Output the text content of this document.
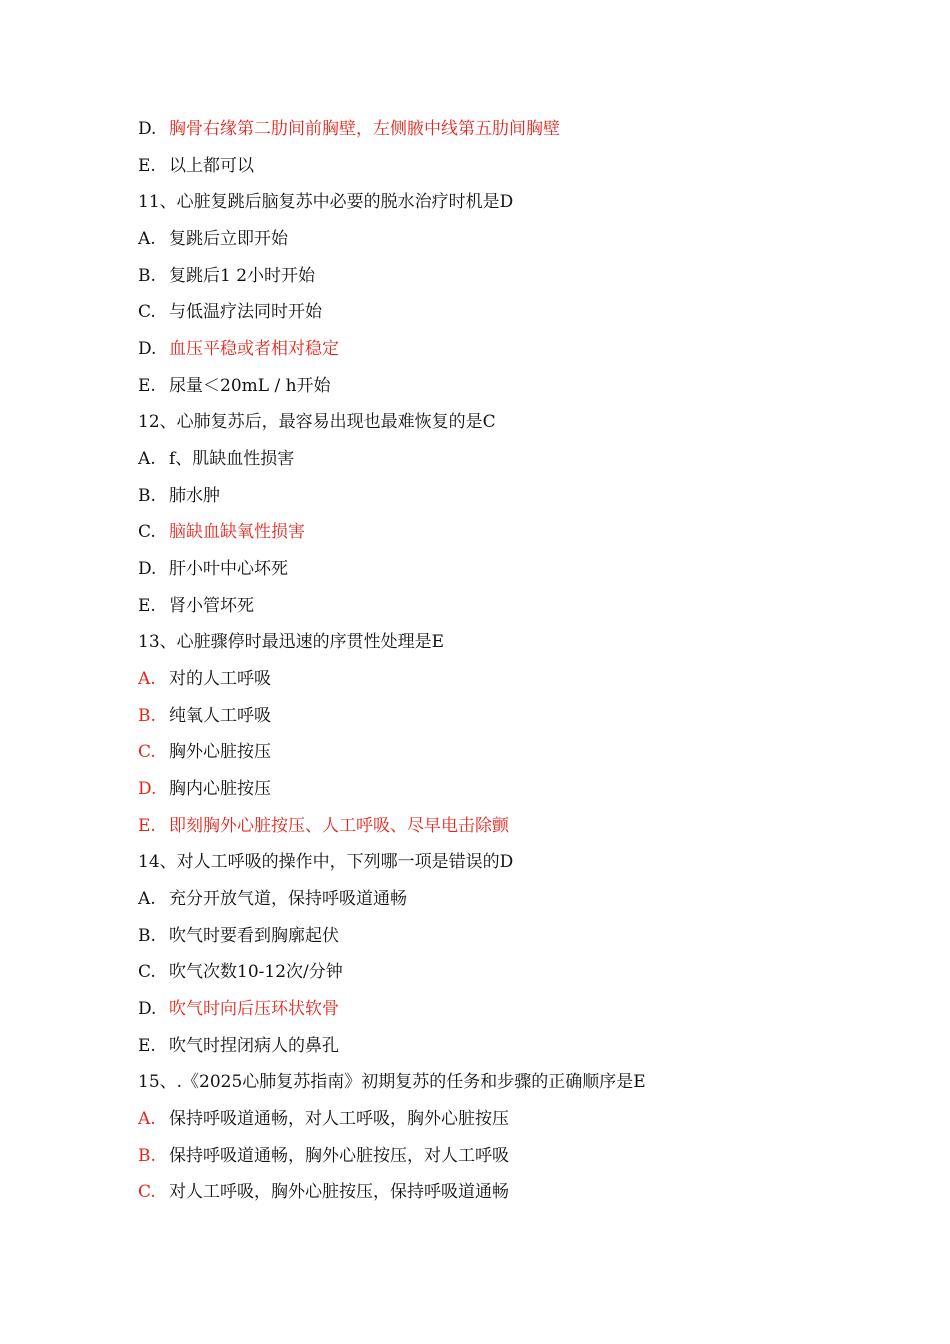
D. 胸骨右缘第二肋间前胸壁，左侧腋中线第五肋间胸壁
E. 以上都可以
11、心脏复跳后脑复苏中必要的脱水治疗时机是D
A. 复跳后立即开始
B. 复跳后1 2小时开始
C. 与低温疗法同时开始
D. 血压平稳或者相对稳定
E. 尿量＜20mL / h开始
12、心肺复苏后，最容易出现也最难恢复的是C
A. f、肌缺血性损害
B. 肺水肿
C. 脑缺血缺氧性损害
D. 肝小叶中心坏死
E. 肾小管坏死
13、心脏骤停时最迅速的序贯性处理是E
A. 对的人工呼吸
B. 纯氧人工呼吸
C. 胸外心脏按压
D. 胸内心脏按压
E. 即刻胸外心脏按压、人工呼吸、尽早电击除颤
14、对人工呼吸的操作中，下列哪一项是错误的D
A. 充分开放气道，保持呼吸道通畅
B. 吹气时要看到胸廓起伏
C. 吹气次数10-12次/分钟
D. 吹气时向后压环状软骨
E. 吹气时捏闭病人的鼻孔
15、.《2025心肺复苏指南》初期复苏的任务和步骤的正确顺序是E
A. 保持呼吸道通畅，对人工呼吸，胸外心脏按压
B. 保持呼吸道通畅，胸外心脏按压，对人工呼吸
C. 对人工呼吸，胸外心脏按压，保持呼吸道通畅
